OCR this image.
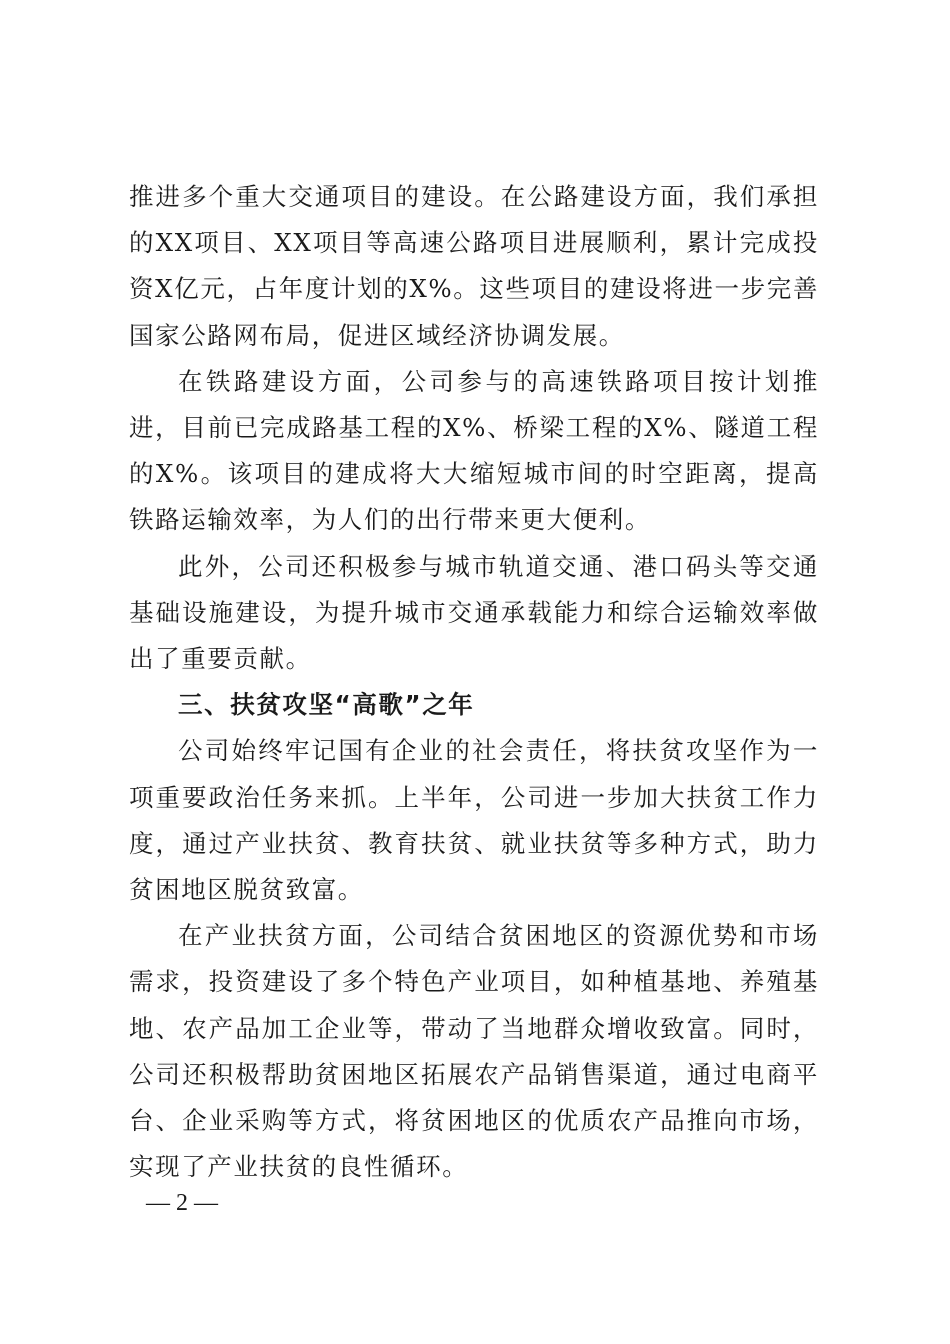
推进多个重大交通项目的建设。在公路建设方面，我们承担的XX项目、XX项目等高速公路项目进展顺利，累计完成投资X亿元，占年度计划的X%。这些项目的建设将进一步完善国家公路网布局，促进区域经济协调发展。

在铁路建设方面，公司参与的高速铁路项目按计划推进，目前已完成路基工程的X%、桥梁工程的X%、隧道工程的X%。该项目的建成将大大缩短城市间的时空距离，提高铁路运输效率，为人们的出行带来更大便利。

此外，公司还积极参与城市轨道交通、港口码头等交通基础设施建设，为提升城市交通承载能力和综合运输效率做出了重要贡献。

三、扶贫攻坚“高歌”之年

公司始终牢记国有企业的社会责任，将扶贫攻坚作为一项重要政治任务来抓。上半年，公司进一步加大扶贫工作力度，通过产业扶贫、教育扶贫、就业扶贫等多种方式，助力贫困地区脱贫致富。

在产业扶贫方面，公司结合贫困地区的资源优势和市场需求，投资建设了多个特色产业项目，如种植基地、养殖基地、农产品加工企业等，带动了当地群众增收致富。同时，公司还积极帮助贫困地区拓展农产品销售渠道，通过电商平台、企业采购等方式，将贫困地区的优质农产品推向市场，实现了产业扶贫的良性循环。

— 2 —
